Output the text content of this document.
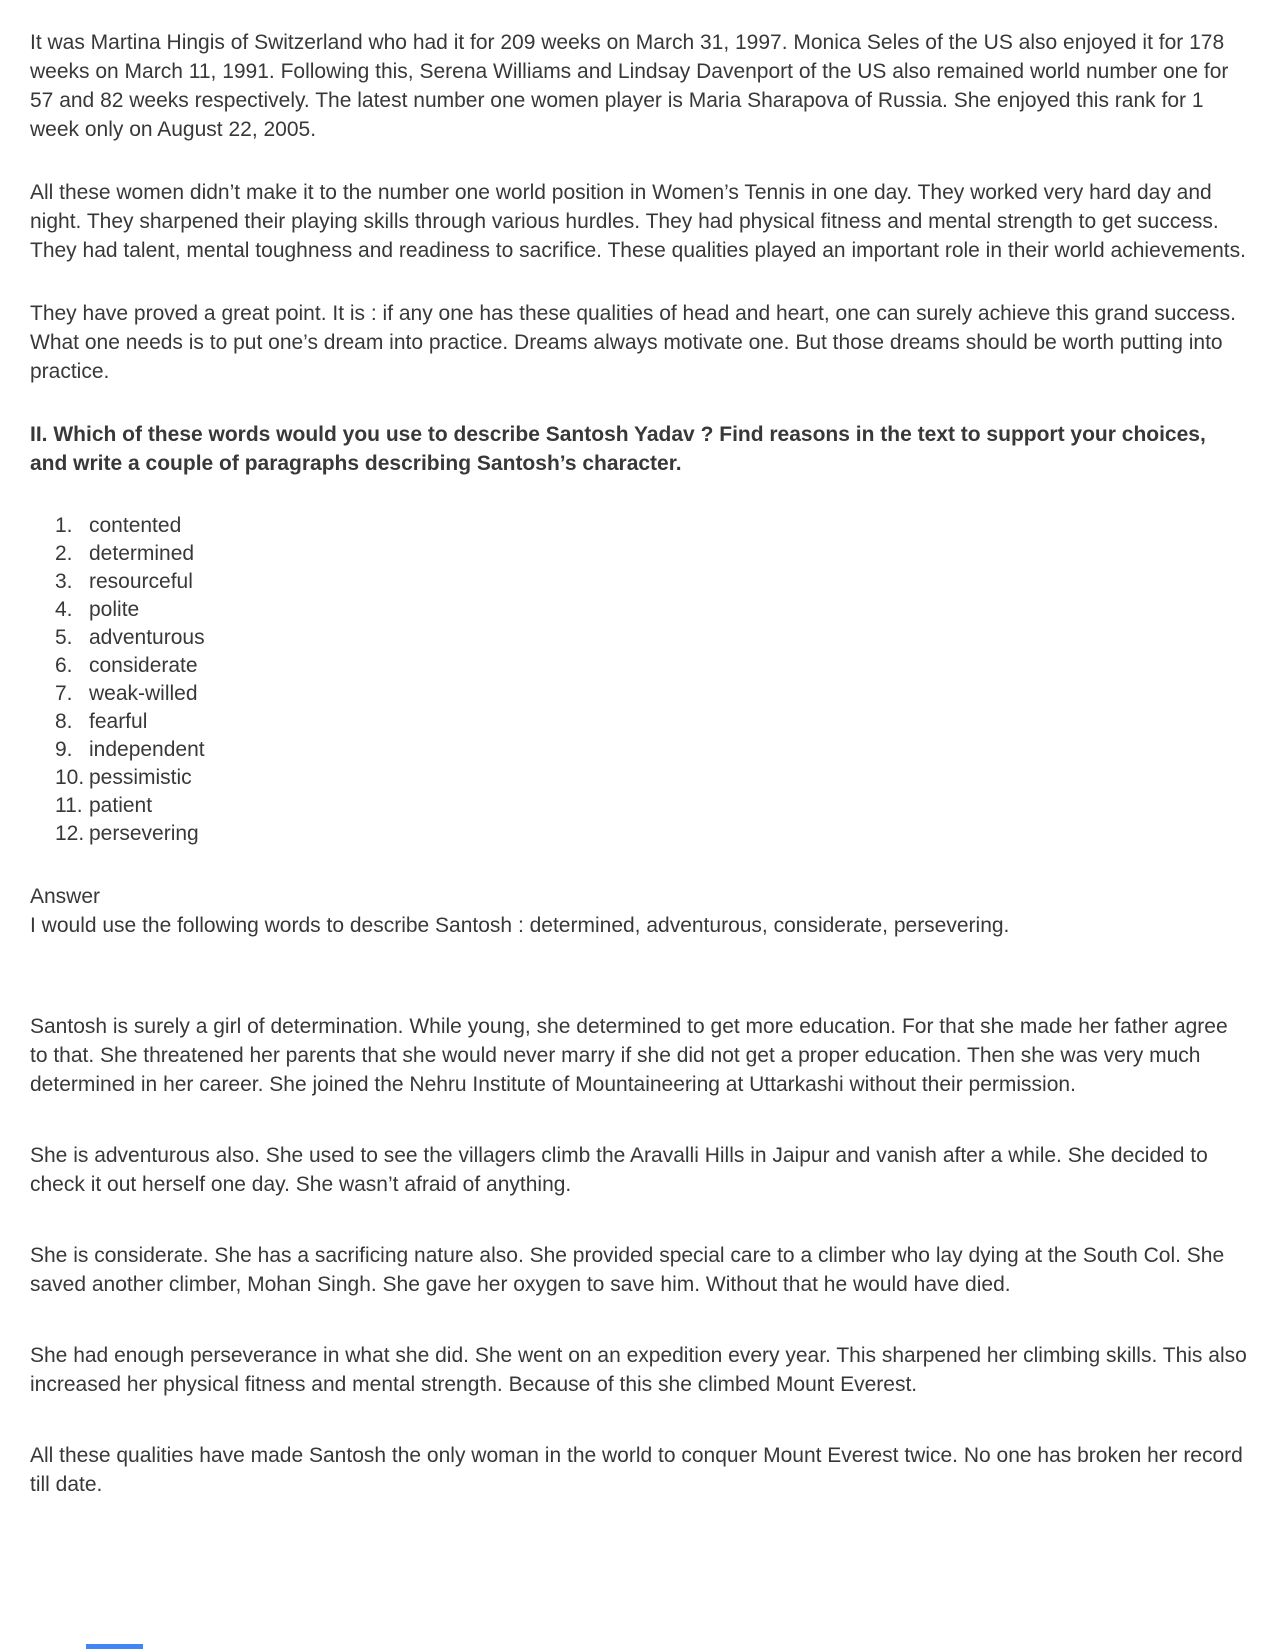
It was Martina Hingis of Switzerland who had it for 209 weeks on March 31, 1997. Monica Seles of the US also enjoyed it for 178 weeks on March 11, 1991. Following this, Serena Williams and Lindsay Davenport of the US also remained world number one for 57 and 82 weeks respectively. The latest number one women player is Maria Sharapova of Russia. She enjoyed this rank for 1 week only on August 22, 2005.

All these women didn’t make it to the number one world position in Women’s Tennis in one day. They worked very hard day and night. They sharpened their playing skills through various hurdles. They had physical fitness and mental strength to get success. They had talent, mental toughness and readiness to sacrifice. These qualities played an important role in their world achievements.

They have proved a great point. It is : if any one has these qualities of head and heart, one can surely achieve this grand success. What one needs is to put one’s dream into practice. Dreams always motivate one. But those dreams should be worth putting into practice.

II. Which of these words would you use to describe Santosh Yadav ? Find reasons in the text to support your choices, and write a couple of paragraphs describing Santosh’s character.

1. contented
2. determined
3. resourceful
4. polite
5. adventurous
6. considerate
7. weak-willed
8. fearful
9. independent
10. pessimistic
11. patient
12. persevering

Answer

I would use the following words to describe Santosh : determined, adventurous, considerate, persevering.

Santosh is surely a girl of determination. While young, she determined to get more education. For that she made her father agree to that. She threatened her parents that she would never marry if she did not get a proper education. Then she was very much determined in her career. She joined the Nehru Institute of Mountaineering at Uttarkashi without their permission.

She is adventurous also. She used to see the villagers climb the Aravalli Hills in Jaipur and vanish after a while. She decided to check it out herself one day. She wasn’t afraid of anything.

She is considerate. She has a sacrificing nature also. She provided special care to a climber who lay dying at the South Col. She saved another climber, Mohan Singh. She gave her oxygen to save him. Without that he would have died.

She had enough perseverance in what she did. She went on an expedition every year. This sharpened her climbing skills. This also increased her physical fitness and mental strength. Because of this she climbed Mount Everest.

All these qualities have made Santosh the only woman in the world to conquer Mount Everest twice. No one has broken her record till date.
